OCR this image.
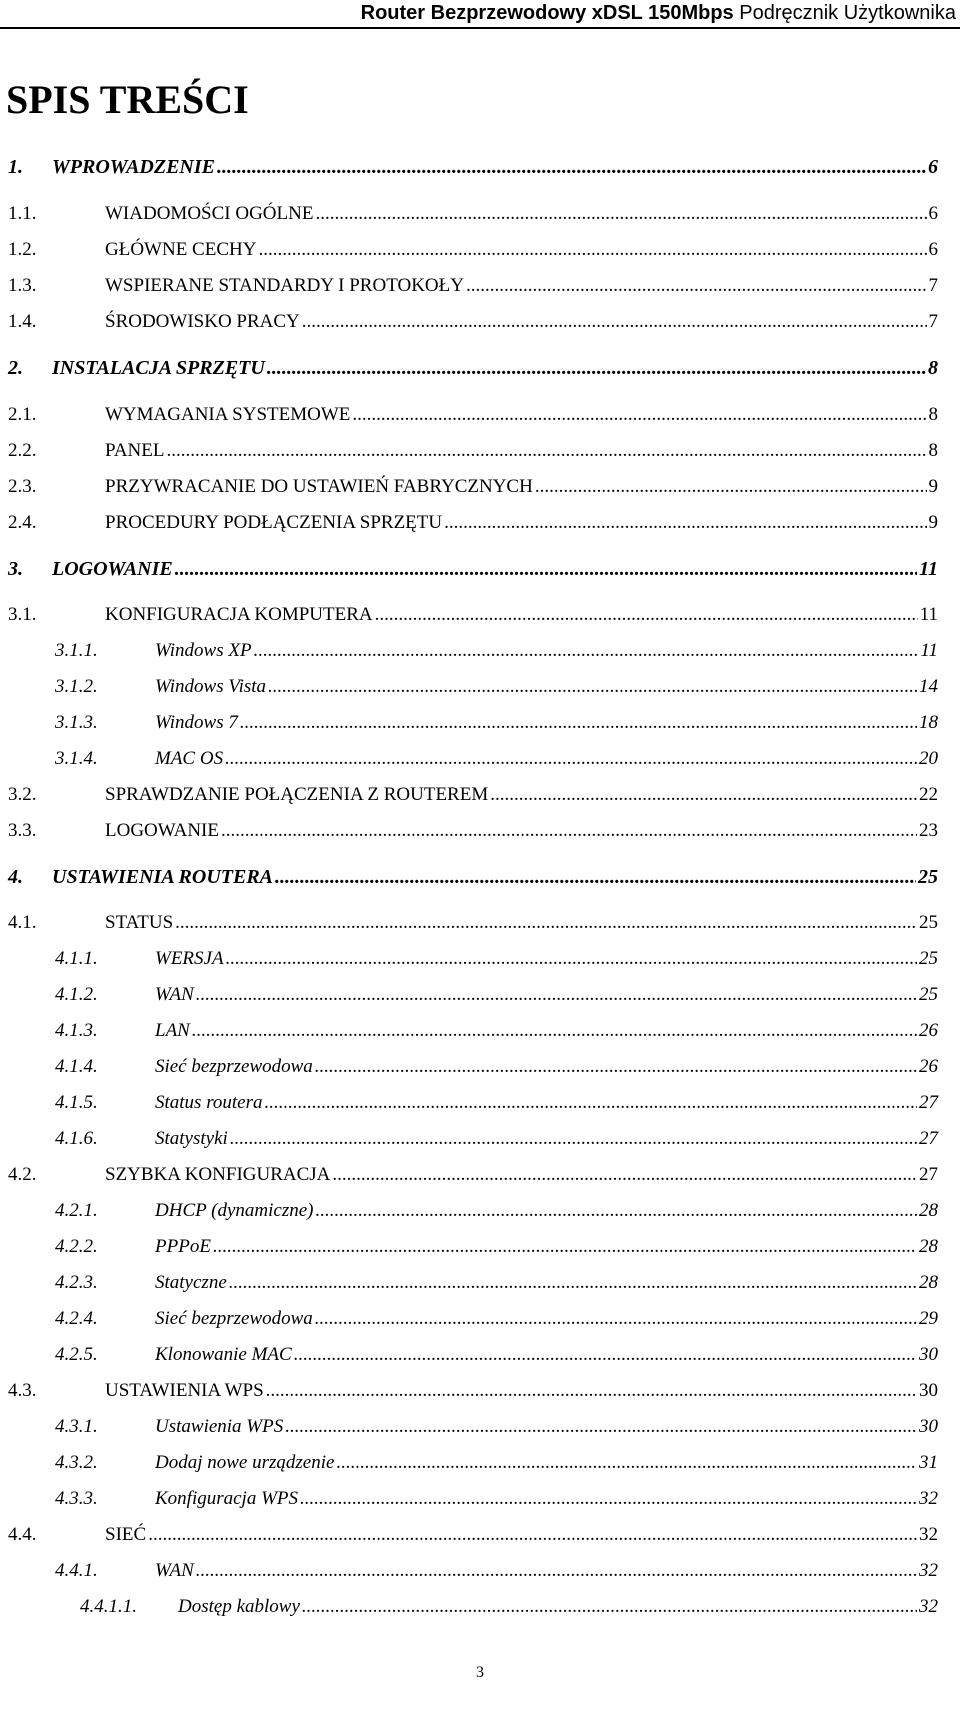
Router Bezprzewodowy xDSL 150Mbps Podręcznik Użytkownika
SPIS TREŚCI
1. WPROWADZENIE .....	6
1.1.	WIADOMOŚCI OGÓLNE .....	6
1.2.	GŁÓWNE CECHY .....	6
1.3.	WSPIERANE STANDARDY I PROTOKOŁY .....	7
1.4.	ŚRODOWISKO PRACY .....	7
2. INSTALACJA SPRZĘTU .....	8
2.1.	WYMAGANIA SYSTEMOWE .....	8
2.2.	PANEL .....	8
2.3.	PRZYWRACANIE DO USTAWIEŃ FABRYCZNYCH .....	9
2.4.	PROCEDURY PODŁĄCZENIA SPRZĘTU .....	9
3. LOGOWANIE .....	11
3.1.	KONFIGURACJA KOMPUTERA .....	11
3.1.1.	Windows XP .....	11
3.1.2.	Windows Vista .....	14
3.1.3.	Windows 7 .....	18
3.1.4.	MAC OS .....	20
3.2.	SPRAWDZANIE POŁĄCZENIA Z ROUTEREM .....	22
3.3.	LOGOWANIE .....	23
4. USTAWIENIA ROUTERA .....	25
4.1.	STATUS .....	25
4.1.1.	WERSJA .....	25
4.1.2.	WAN .....	25
4.1.3.	LAN .....	26
4.1.4.	Sieć bezprzewodowa .....	26
4.1.5.	Status routera .....	27
4.1.6.	Statystyki .....	27
4.2.	SZYBKA KONFIGURACJA .....	27
4.2.1.	DHCP (dynamiczne) .....	28
4.2.2.	PPPoE .....	28
4.2.3.	Statyczne .....	28
4.2.4.	Sieć bezprzewodowa .....	29
4.2.5.	Klonowanie MAC .....	30
4.3.	USTAWIENIA WPS .....	30
4.3.1.	Ustawienia WPS .....	30
4.3.2.	Dodaj nowe urządzenie .....	31
4.3.3.	Konfiguracja WPS .....	32
4.4.	SIEĆ .....	32
4.4.1.	WAN .....	32
4.4.1.1. Dostęp kablowy .....	32
3
